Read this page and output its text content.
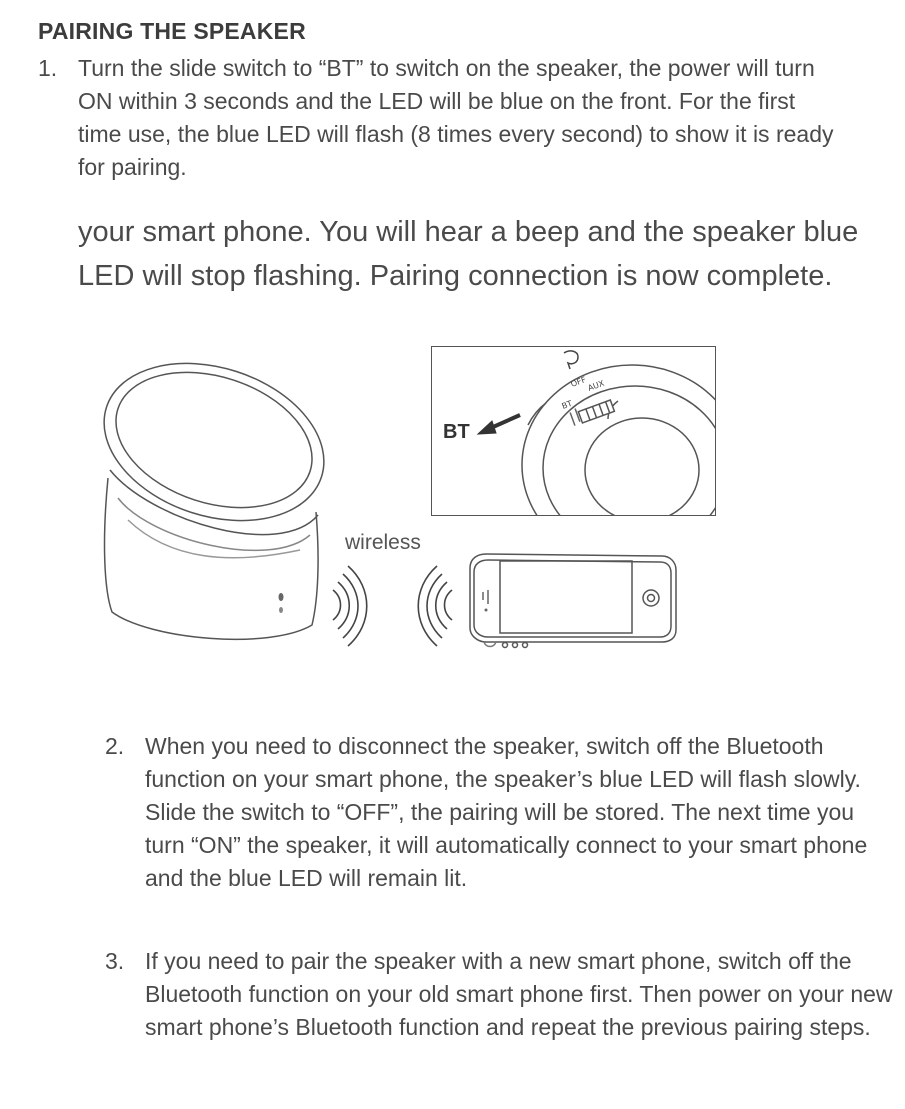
PAIRING THE SPEAKER
1. Turn the slide switch to “BT” to switch on the speaker, the power will turn ON within 3 seconds and the LED will be blue on the front. For the first time use, the blue LED will flash (8 times every second) to show it is ready for pairing.
your smart phone. You will hear a beep and the speaker blue LED will stop flashing. Pairing connection is now complete.
OFF
BT
AUX
BT
wireless
2. When you need to disconnect the speaker, switch off the Bluetooth function on your smart phone, the speaker’s blue LED will flash slowly. Slide the switch to “OFF”, the pairing will be stored. The next time you turn “ON” the speaker, it will automatically connect to your smart phone and the blue LED will remain lit.
3. If you need to pair the speaker with a new smart phone, switch off the Bluetooth function on your old smart phone first. Then power on your new smart phone’s Bluetooth function and repeat the previous pairing steps.
